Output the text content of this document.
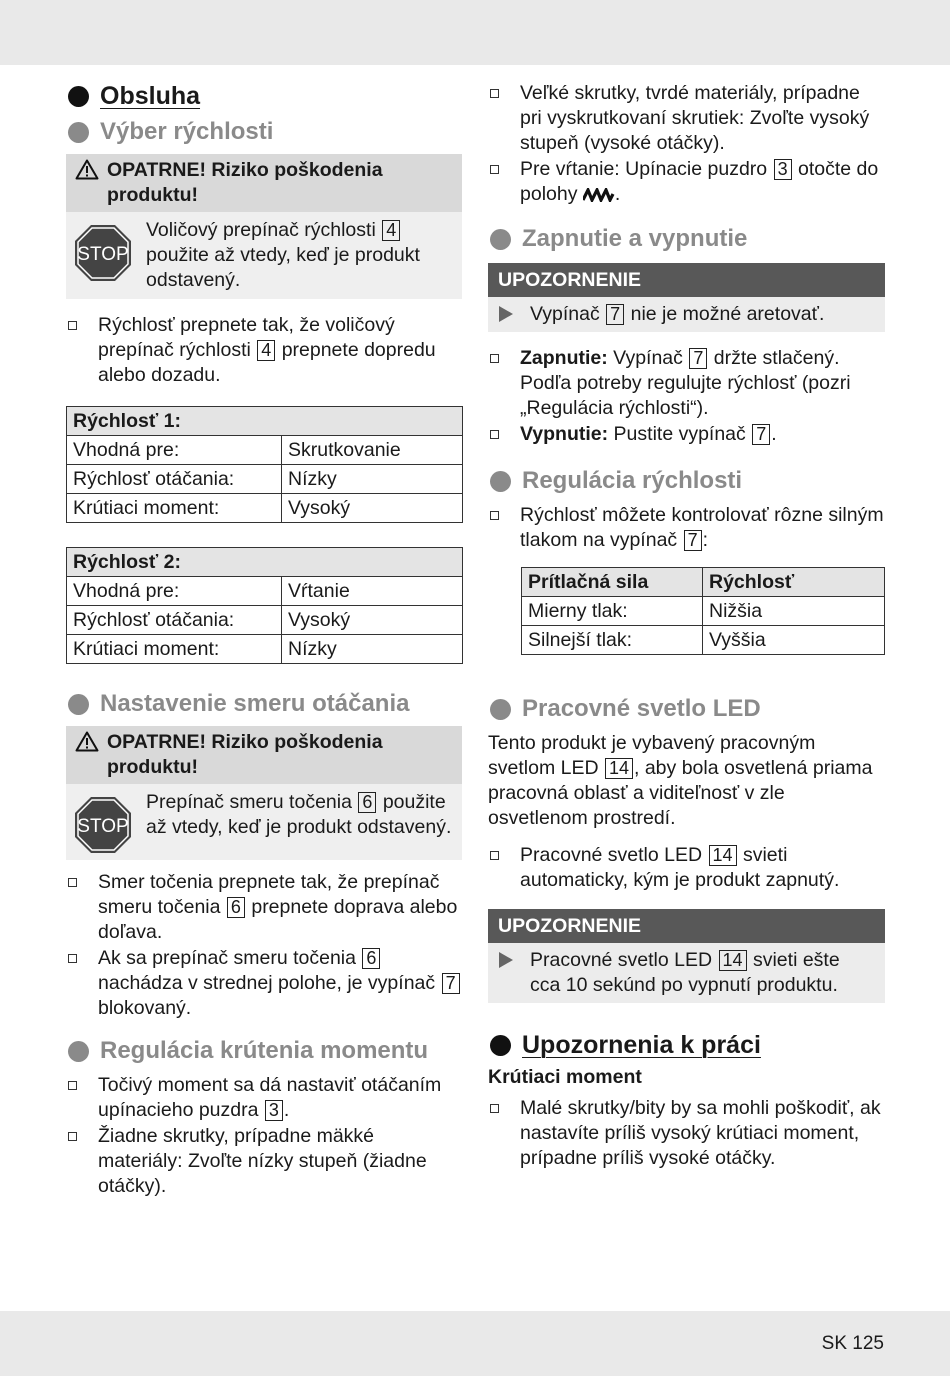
Obsluha
Výber rýchlosti
OPATRNE! Riziko poškodenia produktu!
STOP
Voličový prepínač rýchlosti 4 použite až vtedy, keď je produkt odstavený.
Rýchlosť prepnete tak, že voličový prepínač rýchlosti 4 prepnete dopredu alebo dozadu.
Rýchlosť 1:	
Vhodná pre:	Skrutkovanie
Rýchlosť otáčania:	Nízky
Krútiaci moment:	Vysoký
Rýchlosť 2:	
Vhodná pre:	Vŕtanie
Rýchlosť otáčania:	Vysoký
Krútiaci moment:	Nízky
Nastavenie smeru otáčania
OPATRNE! Riziko poškodenia produktu!
STOP
Prepínač smeru točenia 6 použite až vtedy, keď je produkt odstavený.
Smer točenia prepnete tak, že prepínač smeru točenia 6 prepnete doprava alebo doľava.
Ak sa prepínač smeru točenia 6 nachádza v strednej polohe, je vypínač 7 blokovaný.
Regulácia krútenia momentu
Točivý moment sa dá nastaviť otáčaním upínacieho puzdra 3 .
Žiadne skrutky, prípadne mäkké materiály: Zvoľte nízky stupeň (žiadne otáčky).
Veľké skrutky, tvrdé materiály, prípadne pri vyskrutkovaní skrutiek: Zvoľte vysoký stupeň (vysoké otáčky).
Pre vŕtanie: Upínacie puzdro 3 otočte do polohy .
Zapnutie a vypnutie
UPOZORNENIE
Vypínač 7 nie je možné aretovať.
Zapnutie: Vypínač 7 držte stlačený. Podľa potreby regulujte rýchlosť (pozri „Regulácia rýchlosti“).
Vypnutie: Pustite vypínač 7 .
Regulácia rýchlosti
Rýchlosť môžete kontrolovať rôzne silným tlakom na vypínač 7 :
Prítlačná sila	Rýchlosť
Mierny tlak:	Nižšia
Silnejší tlak:	Vyššia
Pracovné svetlo LED

Tento produkt je vybavený pracovným svetlom LED 14 , aby bola osvetlená priama pracovná oblasť a viditeľnosť v zle osvetlenom prostredí.

Pracovné svetlo LED 14 svieti automaticky, kým je produkt zapnutý.
UPOZORNENIE
Pracovné svetlo LED 14 svieti ešte cca 10 sekúnd po vypnutí produktu.
Upozornenia k práci
Krútiaci moment
Malé skrutky/bity by sa mohli poškodiť, ak nastavíte príliš vysoký krútiaci moment, prípadne príliš vysoké otáčky.
SK 125
